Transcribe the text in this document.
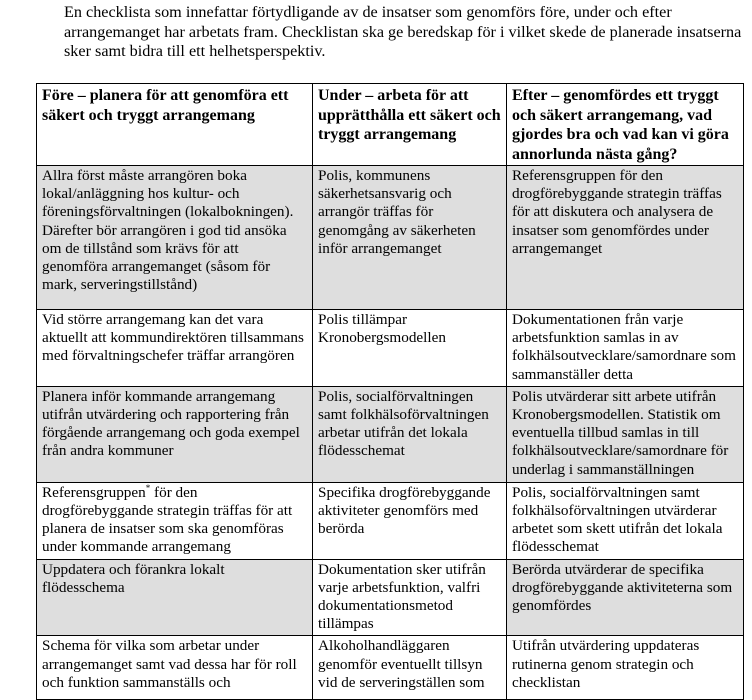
En checklista som innefattar förtydligande av de insatser som genomförs före, under och efter arrangemanget har arbetats fram. Checklistan ska ge beredskap för i vilket skede de planerade insatserna sker samt bidra till ett helhetsperspektiv.
Före – planera för att genomföra ett säkert och tryggt arrangemang	Under – arbeta för att upprätthålla ett säkert och tryggt arrangemang	Efter – genomfördes ett tryggt och säkert arrangemang, vad gjordes bra och vad kan vi göra annorlunda nästa gång?
Allra först måste arrangören boka lokal/anläggning hos kultur- och föreningsförvaltningen (lokalbokningen). Därefter bör arrangören i god tid ansöka om de tillstånd som krävs för att genomföra arrangemanget (såsom för mark, serveringstillstånd)	Polis, kommunens säkerhetsansvarig och arrangör träffas för genomgång av säkerheten inför arrangemanget	Referensgruppen för den drogförebyggande strategin träffas för att diskutera och analysera de insatser som genomfördes under arrangemanget
Vid större arrangemang kan det vara aktuellt att kommundirektören tillsammans med förvaltningschefer träffar arrangören	Polis tillämpar Kronobergsmodellen	Dokumentationen från varje arbetsfunktion samlas in av folkhälsoutvecklare/samordnare som sammanställer detta
Planera inför kommande arrangemang utifrån utvärdering och rapportering från förgående arrangemang och goda exempel från andra kommuner	Polis, socialförvaltningen samt folkhälsoförvaltningen arbetar utifrån det lokala flödesschemat	Polis utvärderar sitt arbete utifrån Kronobergsmodellen. Statistik om eventuella tillbud samlas in till folkhälsoutvecklare/samordnare för underlag i sammanställningen
Referensgruppen* för den drogförebyggande strategin träffas för att planera de insatser som ska genomföras under kommande arrangemang	Specifika drogförebyggande aktiviteter genomförs med berörda	Polis, socialförvaltningen samt folkhälsoförvaltningen utvärderar arbetet som skett utifrån det lokala flödesschemat
Uppdatera och förankra lokalt flödesschema	Dokumentation sker utifrån varje arbetsfunktion, valfri dokumentationsmetod tillämpas	Berörda utvärderar de specifika drogförebyggande aktiviteterna som genomfördes
Schema för vilka som arbetar under arrangemanget samt vad dessa har för roll och funktion sammanställs och	Alkoholhandläggaren genomför eventuellt tillsyn vid de serveringställen som	Utifrån utvärdering uppdateras rutinerna genom strategin och checklistan
